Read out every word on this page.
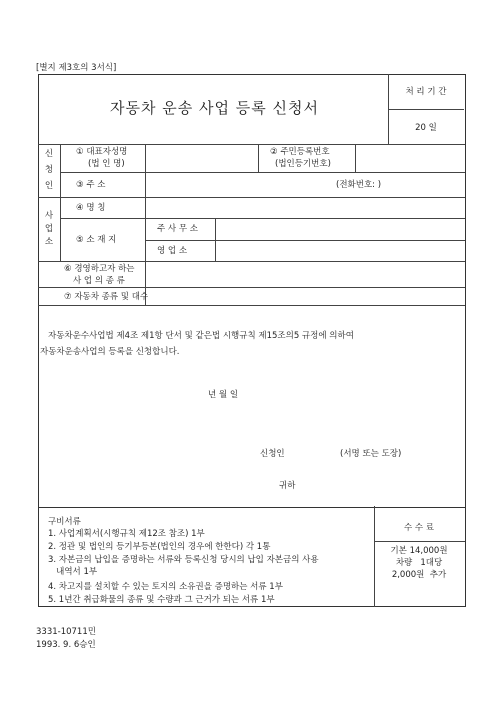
[별지 제3호의 3서식]
자동차 운송 사업 등록 신청서
처 리 기 간
20 일
신
청
인
① 대표자성명
(법 인 명)
② 주민등록번호
(법인등기번호)
③ 주 소	(전화번호: )
사
업
소
④ 명 칭
⑤ 소 재 지
주 사 무 소
영 업 소
⑥ 경영하고자 하는
사 업 의 종 류
⑦ 자동차 종류 및 대수
자동차운수사업법 제4조 제1항 단서 및 같은법 시행규칙 제15조의5 규정에 의하여
자동차운송사업의 등록을 신청합니다.
년 월 일
신청인	(서명 또는 도장)
귀하
구비서류
1. 사업계획서(시행규칙 제12조 참조) 1부
2. 정관 및 법인의 등기부등본(법인의 경우에 한한다) 각 1통
3. 자본금의 납입을 증명하는 서류와 등록신청 당시의 납입 자본금의 사용
내역서 1부
4. 차고지를 설치할 수 있는 토지의 소유권을 증명하는 서류 1부
5. 1년간 취급화물의 종류 및 수량과 그 근거가 되는 서류 1부
수 수 료
기본 14,000원
차량   1대당
2,000원  추가
3331-10711민
1993. 9. 6승인
